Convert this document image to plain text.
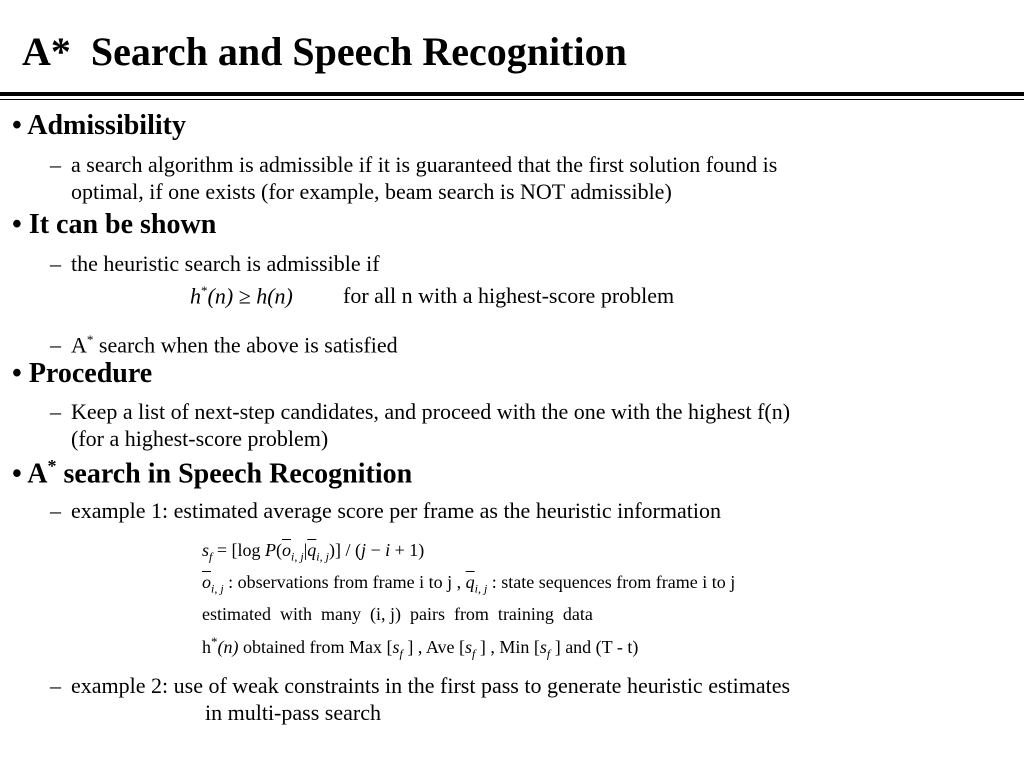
A*  Search and Speech Recognition
• Admissibility
– a search algorithm is admissible if it is guaranteed that the first solution found is
optimal, if one exists (for example, beam search is NOT admissible)
• It can be shown
– the heuristic search is admissible if
h*(n) ≥ h(n) for all n with a highest-score problem
– A* search when the above is satisfied
• Procedure
– Keep a list of next-step candidates, and proceed with the one with the highest f(n)
(for a highest-score problem)
• A* search in Speech Recognition
– example 1: estimated average score per frame as the heuristic information
$s_f = [\log$ $P(\overline{o}_{i, j}|\overline{q}_{i, j})] / (j - i + 1)$
$\overline{o}_{i, j}$ : observations from frame i to j , $\overline{q}_{i, j}$ : state sequences from frame i to j
estimated  with  many  (i, j)  pairs  from  training  data
h*(n) obtained from Max [$s_f$ ] , Ave [$s_f$ ] , Min [$s_f$ ] and (T - t)
– example 2: use of weak constraints in the first pass to generate heuristic estimates
in multi-pass search
